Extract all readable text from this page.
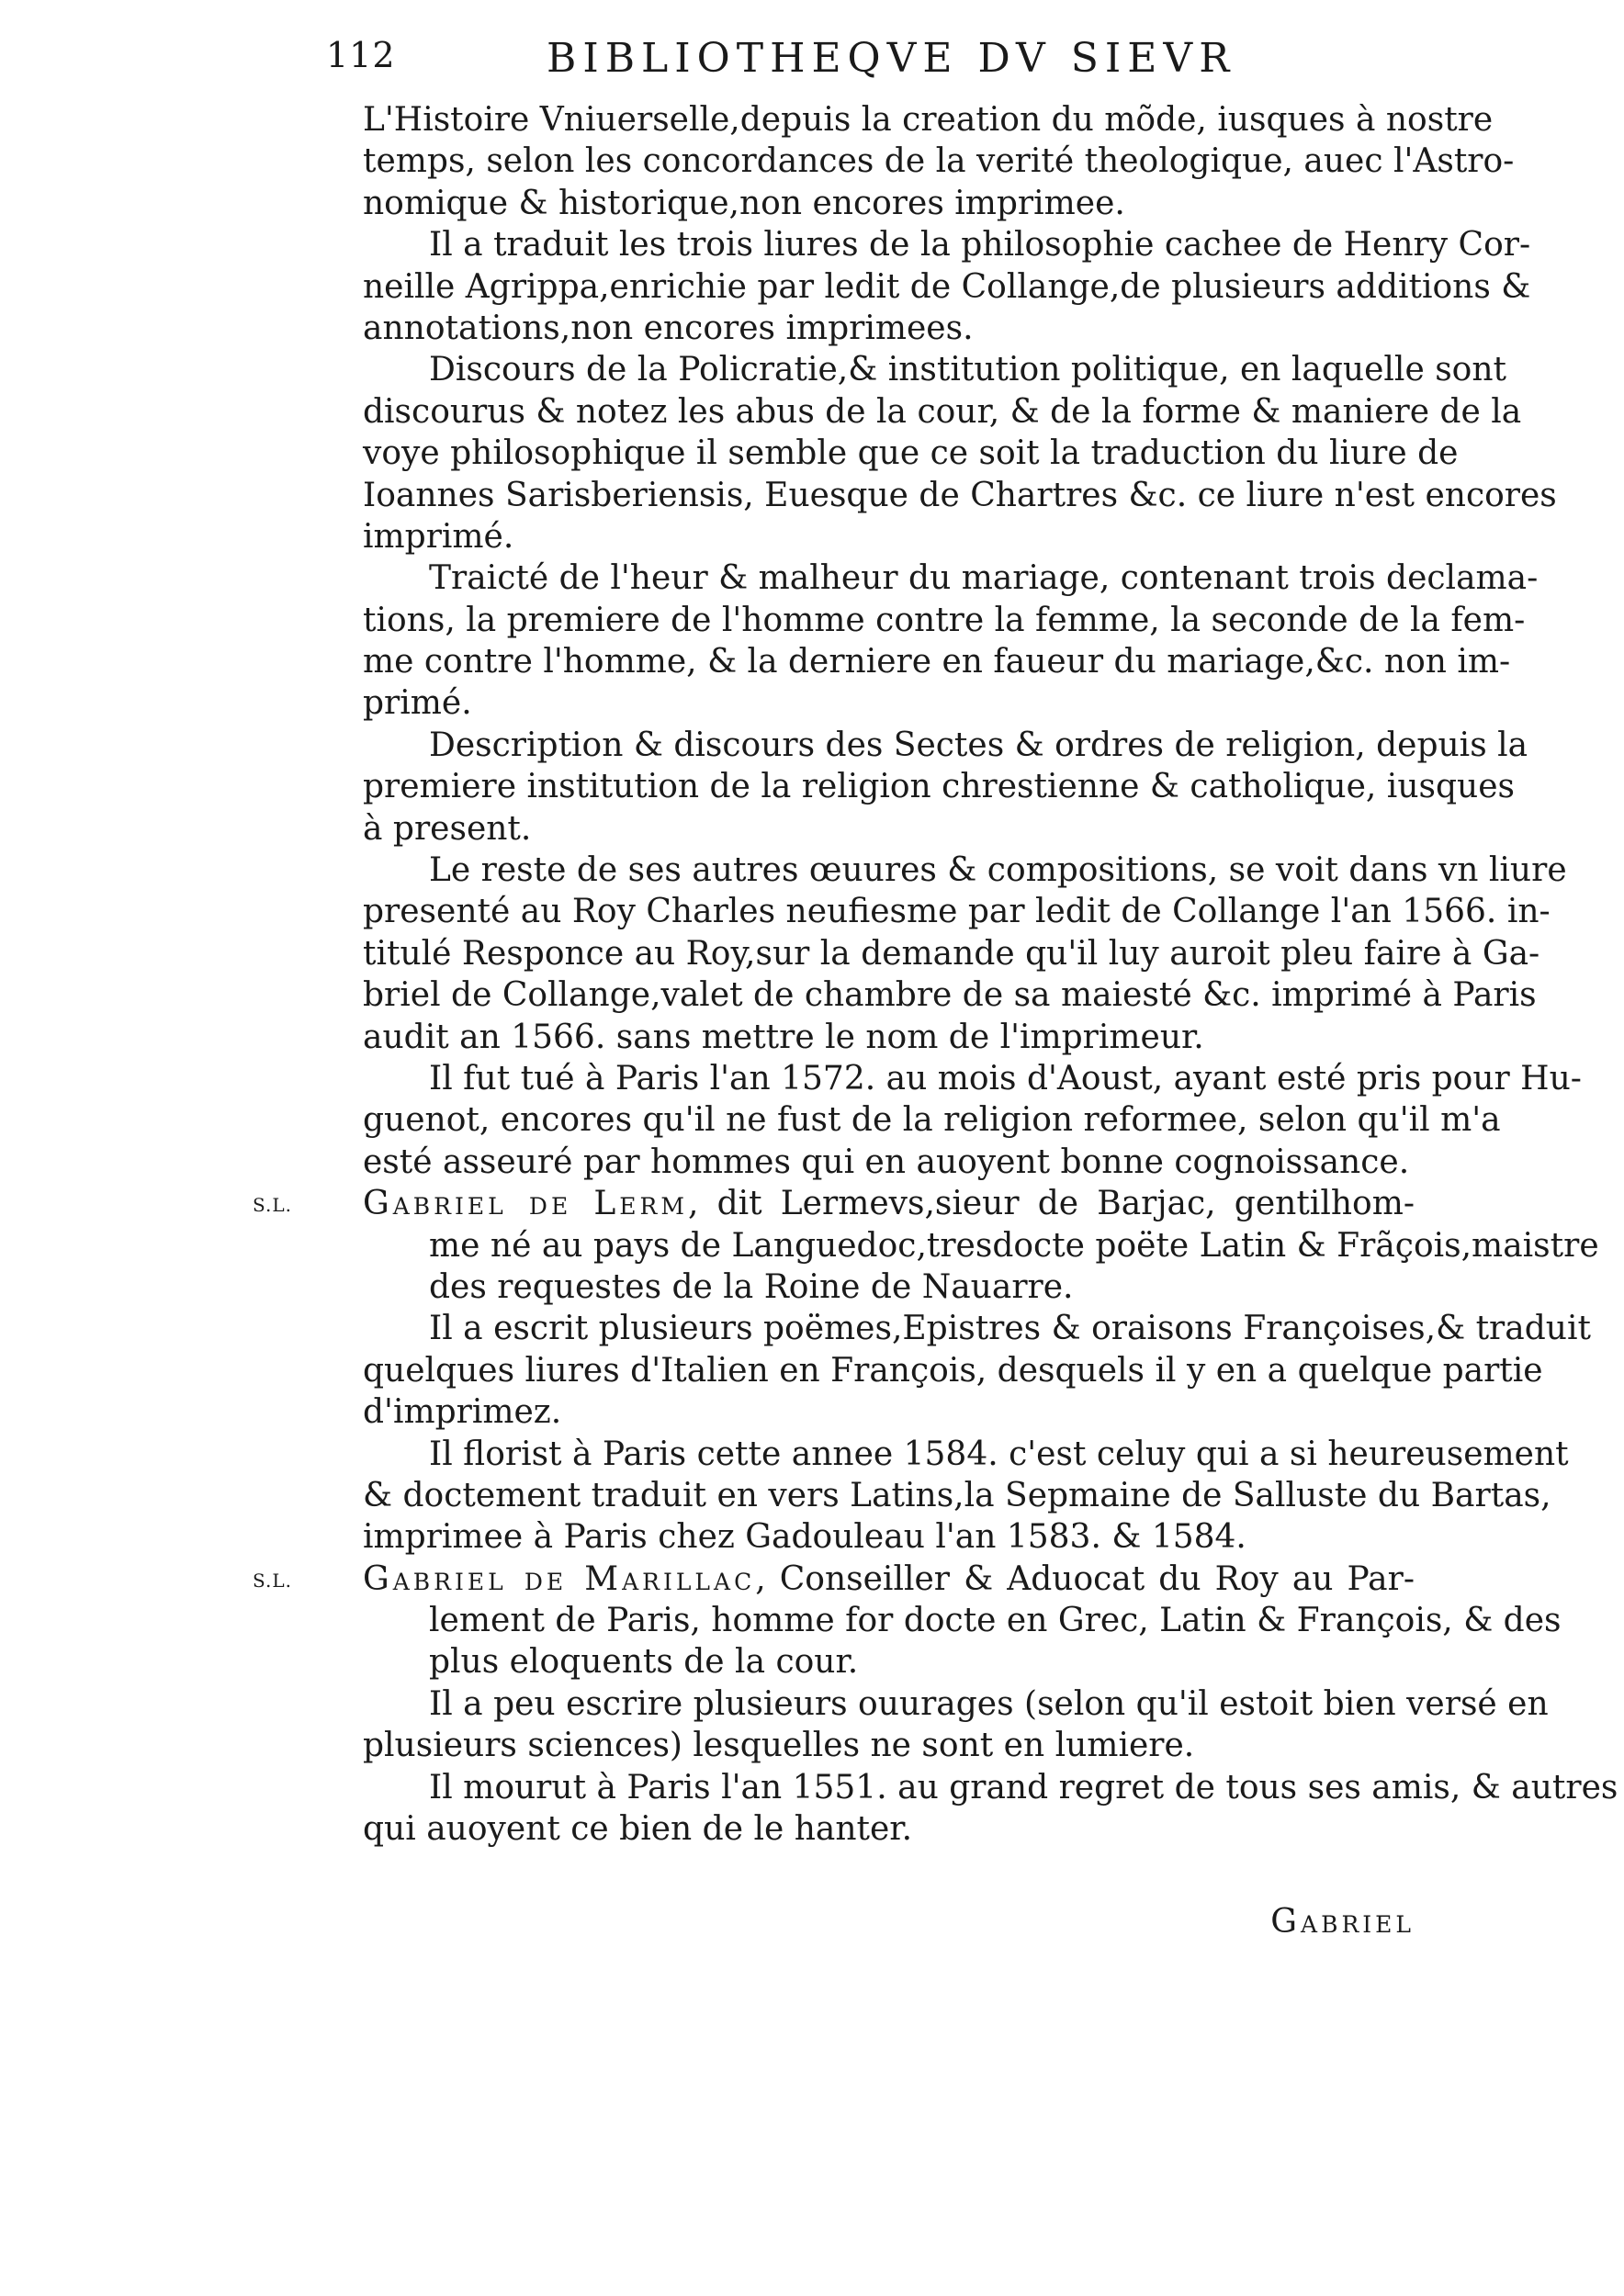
112	BIBLIOTHEQVE DV SIEVR
L'Histoire Vniuerselle,depuis la creation du mõde, iusques à nostre
temps, selon les concordances de la verité theologique, auec l'Astro-
nomique & historique,non encores imprimee.
Il a traduit les trois liures de la philosophie cachee de Henry Cor-
neille Agrippa,enrichie par ledit de Collange,de plusieurs additions &
annotations,non encores imprimees.
Discours de la Policratie,& institution politique, en laquelle sont
discourus & notez les abus de la cour, & de la forme & maniere de la
voye philosophique il semble que ce soit la traduction du liure de
Ioannes Sarisberiensis, Euesque de Chartres &c. ce liure n'est encores
imprimé.
Traicté de l'heur & malheur du mariage, contenant trois declama-
tions, la premiere de l'homme contre la femme, la seconde de la fem-
me contre l'homme, & la derniere en faueur du mariage,&c. non im-
primé.
Description & discours des Sectes & ordres de religion, depuis la
premiere institution de la religion chrestienne & catholique, iusques
à present.
Le reste de ses autres œuures & compositions, se voit dans vn liure
presenté au Roy Charles neufiesme par ledit de Collange l'an 1566. in-
titulé Responce au Roy,sur la demande qu'il luy auroit pleu faire à Ga-
briel de Collange,valet de chambre de sa maiesté &c. imprimé à Paris
audit an 1566. sans mettre le nom de l'imprimeur.
Il fut tué à Paris l'an 1572. au mois d'Aoust, ayant esté pris pour Hu-
guenot, encores qu'il ne fust de la religion reformee, selon qu'il m'a
esté asseuré par hommes qui en auoyent bonne cognoissance.
Gabriel de Lerm, dit Lermevs,sieur de Barjac, gentilhom-
me né au pays de Languedoc,tresdocte poëte Latin & Frãçois,maistre
des requestes de la Roine de Nauarre.
Il a escrit plusieurs poëmes,Epistres & oraisons Françoises,& traduit
quelques liures d'Italien en François, desquels il y en a quelque partie
d'imprimez.
Il florist à Paris cette annee 1584. c'est celuy qui a si heureusement
& doctement traduit en vers Latins,la Sepmaine de Salluste du Bartas,
imprimee à Paris chez Gadouleau l'an 1583. & 1584.
Gabriel de Marillac, Conseiller & Aduocat du Roy au Par-
lement de Paris, homme for docte en Grec, Latin & François, & des
plus eloquents de la cour.
Il a peu escrire plusieurs ouurages (selon qu'il estoit bien versé en
plusieurs sciences) lesquelles ne sont en lumiere.
Il mourut à Paris l'an 1551. au grand regret de tous ses amis, & autres
qui auoyent ce bien de le hanter.
S.L.
S.L.
Gabriel
